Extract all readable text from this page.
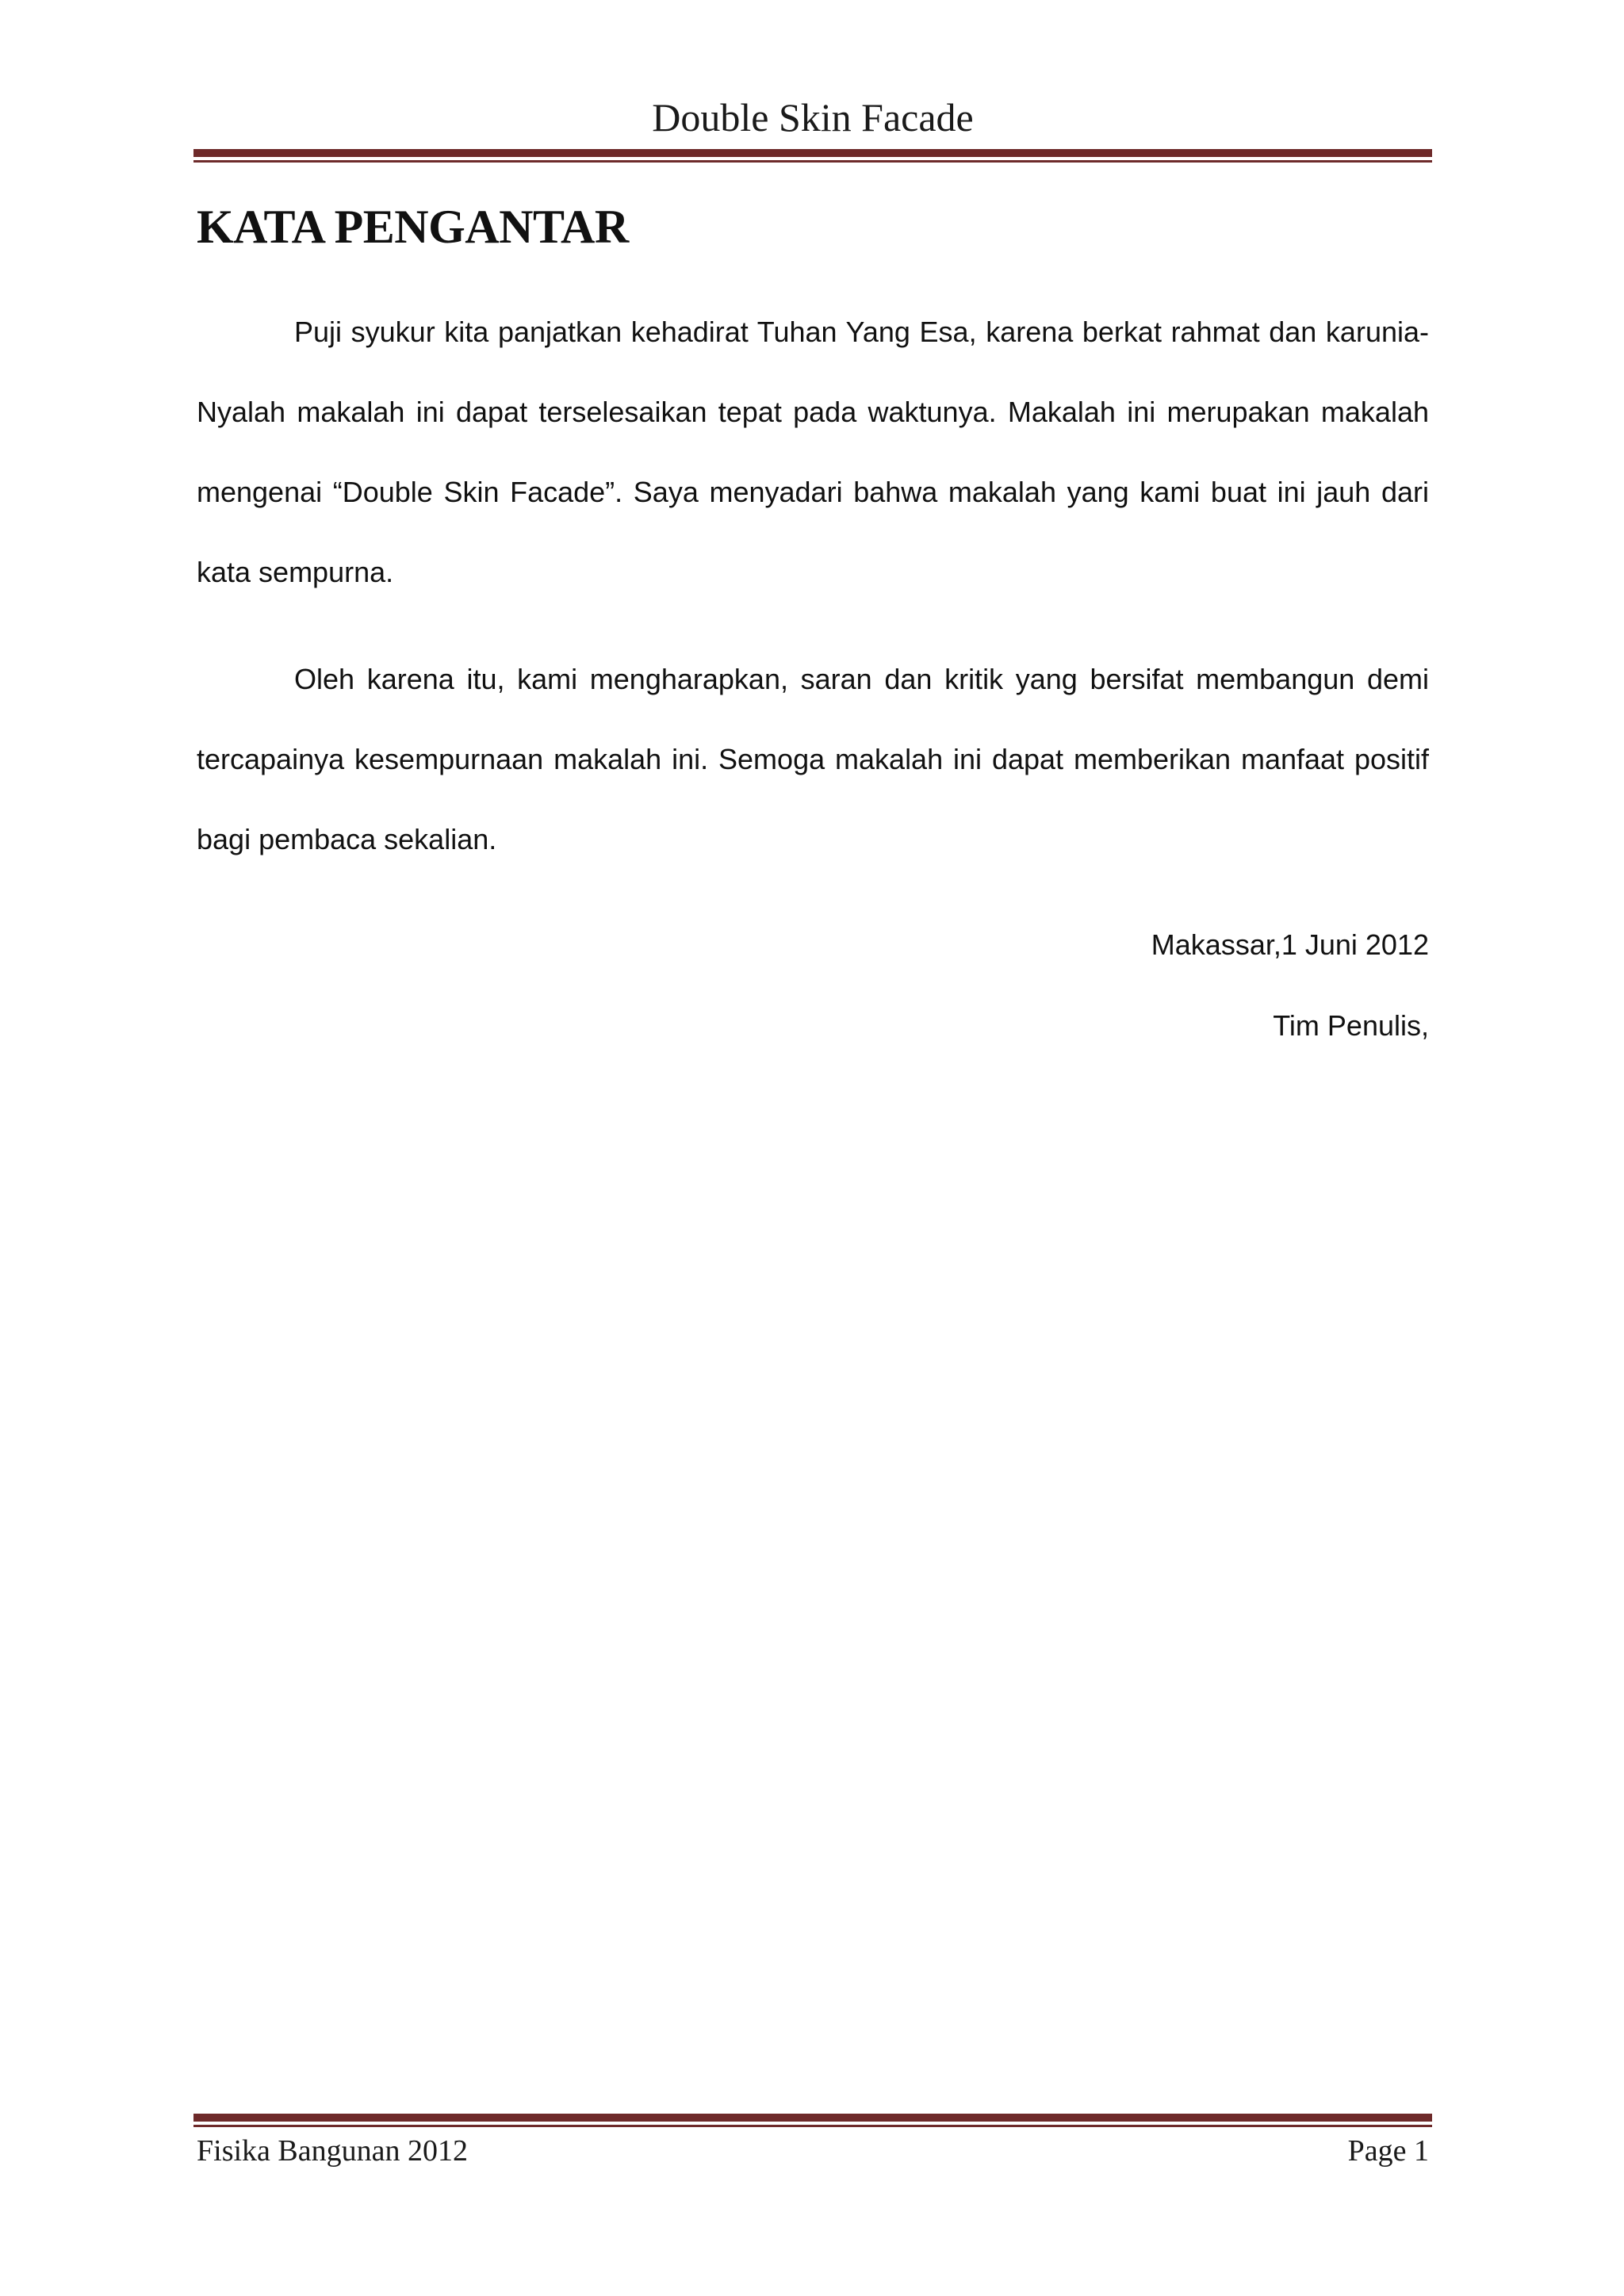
Double Skin Facade
KATA PENGANTAR

Puji syukur kita panjatkan kehadirat Tuhan Yang Esa, karena berkat rahmat dan karunia-Nyalah makalah ini dapat terselesaikan tepat pada waktunya. Makalah ini merupakan makalah mengenai “Double Skin Facade”. Saya menyadari bahwa makalah yang kami buat ini jauh dari kata sempurna.

Oleh karena itu, kami mengharapkan, saran dan kritik yang bersifat membangun demi tercapainya kesempurnaan makalah ini. Semoga makalah ini dapat memberikan manfaat positif bagi pembaca sekalian.

Makassar,1 Juni 2012
Tim Penulis,
Fisika Bangunan 2012	Page 1
